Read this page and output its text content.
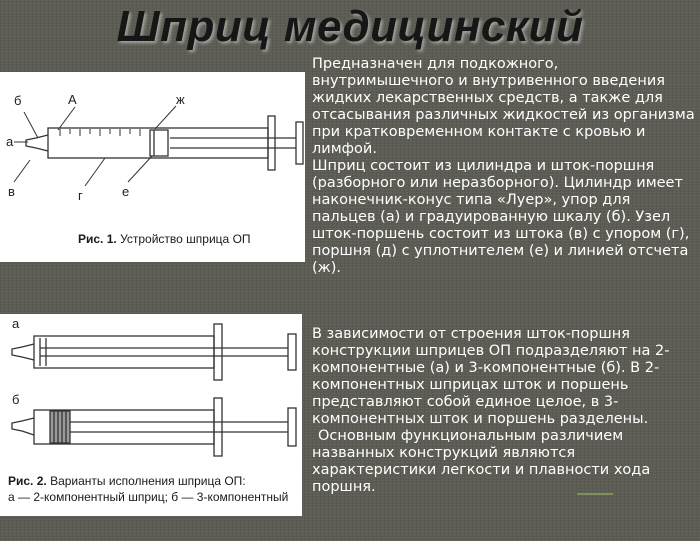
Шприц медицинский
б	А	ж
а
в	г	е

Рис. 1. Устройство шприца ОП

а
б

Рис. 2. Варианты исполнения шприца ОП:

а — 2-компонентный шприц; б — 3-компонентный

Предназначен для подкожного, внутримышечного и внутривенного введения жидких лекарственных средств, а также для отсасывания различных жидкостей из организма при кратковременном контакте с кровью и лимфой.

Шприц состоит из цилиндра и шток-поршня (разборного или неразборного). Цилиндр имеет наконечник-конус типа «Луер», упор для пальцев (а) и градуированную шкалу (б). Узел шток-поршень состоит из штока (в) с упором (г), поршня (д) с уплотнителем (е) и линией отсчета (ж).

В зависимости от строения шток-поршня конструкции шприцев ОП подразделяют на 2-компонентные (а) и 3-компонентные (б). В 2-компонентных шприцах шток и поршень представляют собой единое целое, в 3-компонентных шток и поршень разделены.

Основным функциональным различием названных конструкций являются характеристики легкости и плавности хода поршня.
